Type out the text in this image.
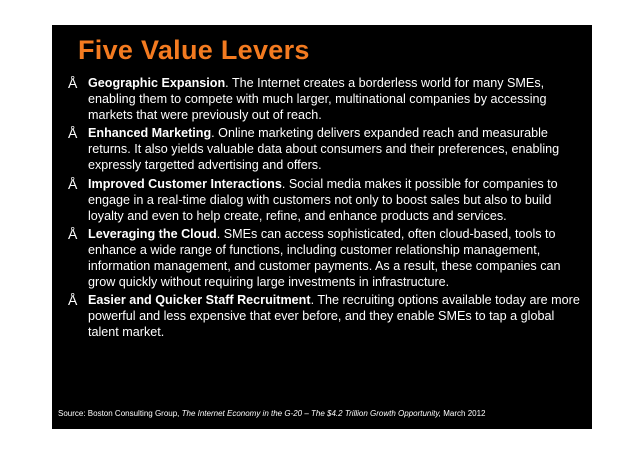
Five Value Levers
Å Geographic Expansion. The Internet creates a borderless world for many SMEs, enabling them to compete with much larger, multinational companies by accessing markets that were previously out of reach.
Å Enhanced Marketing. Online marketing delivers expanded reach and measurable returns. It also yields valuable data about consumers and their preferences, enabling expressly targetted advertising and offers.
Å Improved Customer Interactions. Social media makes it possible for companies to engage in a real-time dialog with customers not only to boost sales but also to build loyalty and even to help create, refine, and enhance products and services.
Å Leveraging the Cloud. SMEs can access sophisticated, often cloud-based, tools to enhance a wide range of functions, including customer relationship management, information management, and customer payments. As a result, these companies can grow quickly without requiring large investments in infrastructure.
Å Easier and Quicker Staff Recruitment. The recruiting options available today are more powerful and less expensive that ever before, and they enable SMEs to tap a global talent market.
Source: Boston Consulting Group, The Internet Economy in the G-20 – The $4.2 Trillion Growth Opportunity, March 2012
